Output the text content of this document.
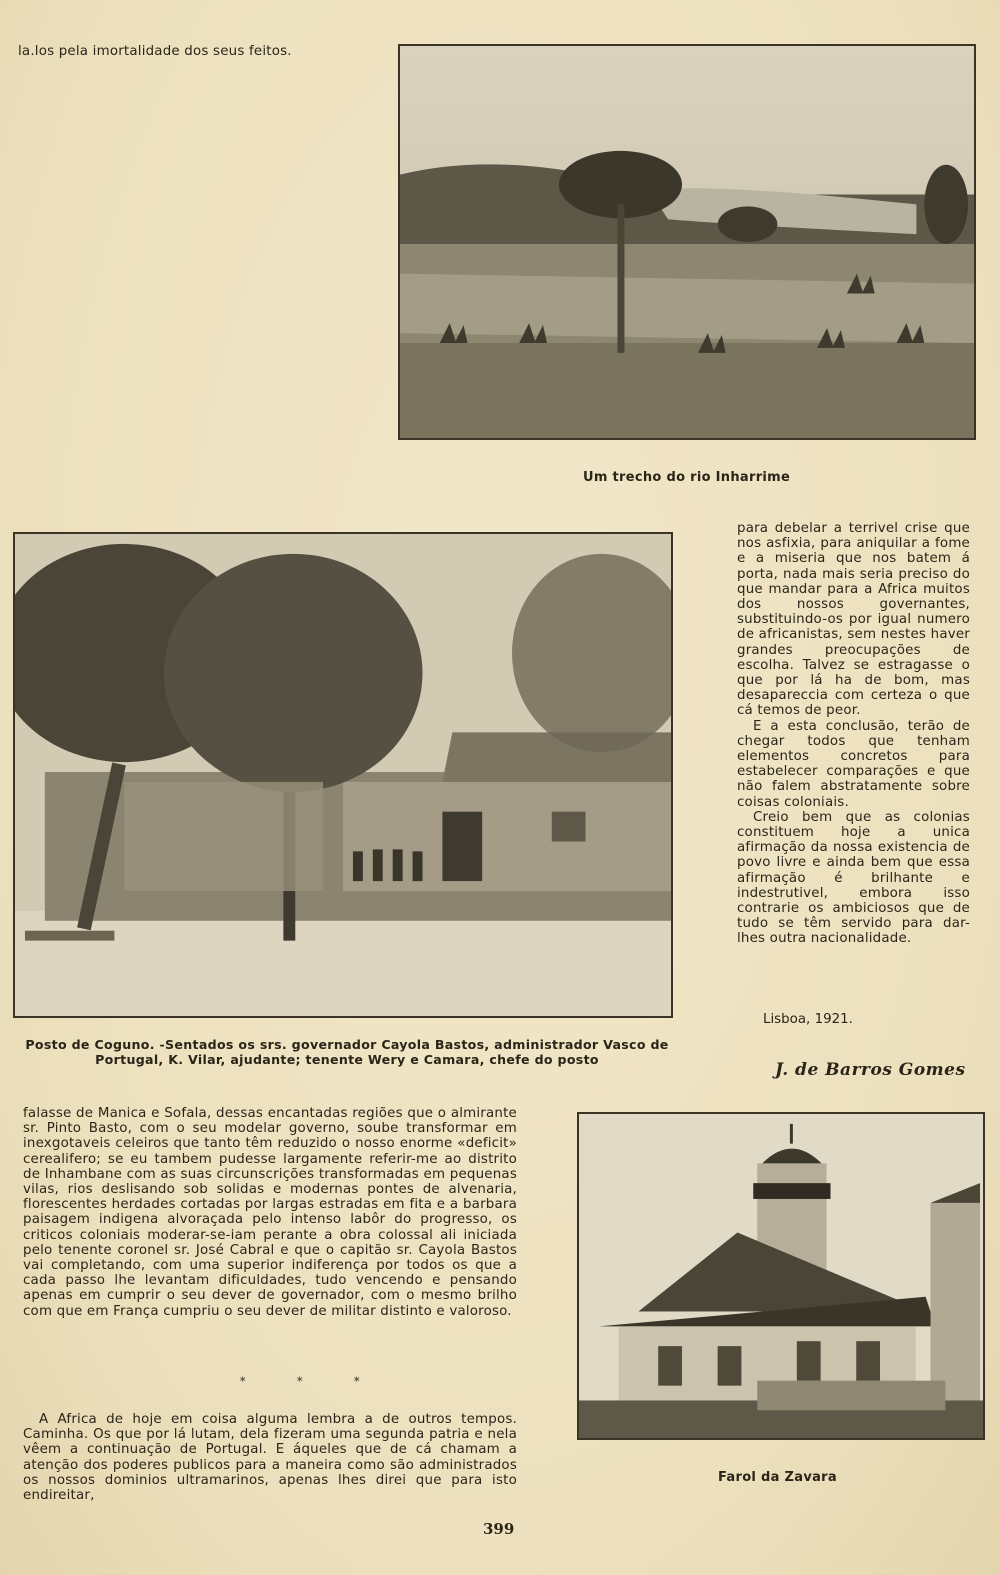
la.los pela imortalidade dos seus feitos.

Um trecho do rio Inharrime
Posto de Coguno. -Sentados os srs. governador Cayola Bastos, administrador Vasco de Portugal, K. Vilar, ajudante; tenente Wery e Camara, chefe do posto

para debelar a terrivel crise que nos asfixia, para aniquilar a fome e a miseria que nos batem á porta, nada mais seria preciso do que mandar para a Africa muitos dos nossos governantes, substituindo-os por igual numero de africanistas, sem nestes haver grandes preocupações de escolha. Talvez se estragasse o que por lá ha de bom, mas desapareccia com certeza o que cá temos de peor.

E a esta conclusão, terão de chegar todos que tenham elementos concretos para estabelecer comparações e que não falem abstratamente sobre coisas coloniais.

Creio bem que as colonias constituem hoje a unica afirmação da nossa existencia de povo livre e ainda bem que essa afirmação é brilhante e indestrutivel, embora isso contrarie os ambiciosos que de tudo se têm servido para dar-lhes outra nacionalidade.

Lisboa, 1921.
J. de Barros Gomes

falasse de Manica e Sofala, dessas encantadas regiões que o almirante sr. Pinto Basto, com o seu modelar governo, soube transformar em inexgotaveis celeiros que tanto têm reduzido o nosso enorme «deficit» cerealifero; se eu tambem pudesse largamente referir-me ao distrito de Inhambane com as suas circunscrições transformadas em pequenas vilas, rios deslisando sob solidas e modernas pontes de alvenaria, florescentes herdades cortadas por largas estradas em fita e a barbara paisagem indigena alvoraçada pelo intenso labôr do progresso, os criticos coloniais moderar-se-iam perante a obra colossal ali iniciada pelo tenente coronel sr. José Cabral e que o capitão sr. Cayola Bastos vai completando, com uma superior indiferença por todos os que a cada passo lhe levantam dificuldades, tudo vencendo e pensando apenas em cumprir o seu dever de governador, com o mesmo brilho com que em França cumpriu o seu dever de militar distinto e valoroso.

* * *

A Africa de hoje em coisa alguma lembra a de outros tempos. Caminha. Os que por lá lutam, dela fizeram uma segunda patria e nela vêem a continuação de Portugal. E áqueles que de cá chamam a atenção dos poderes publicos para a maneira como são administrados os nossos dominios ultramarinos, apenas lhes direi que para isto endireitar,

Farol da Zavara
399
